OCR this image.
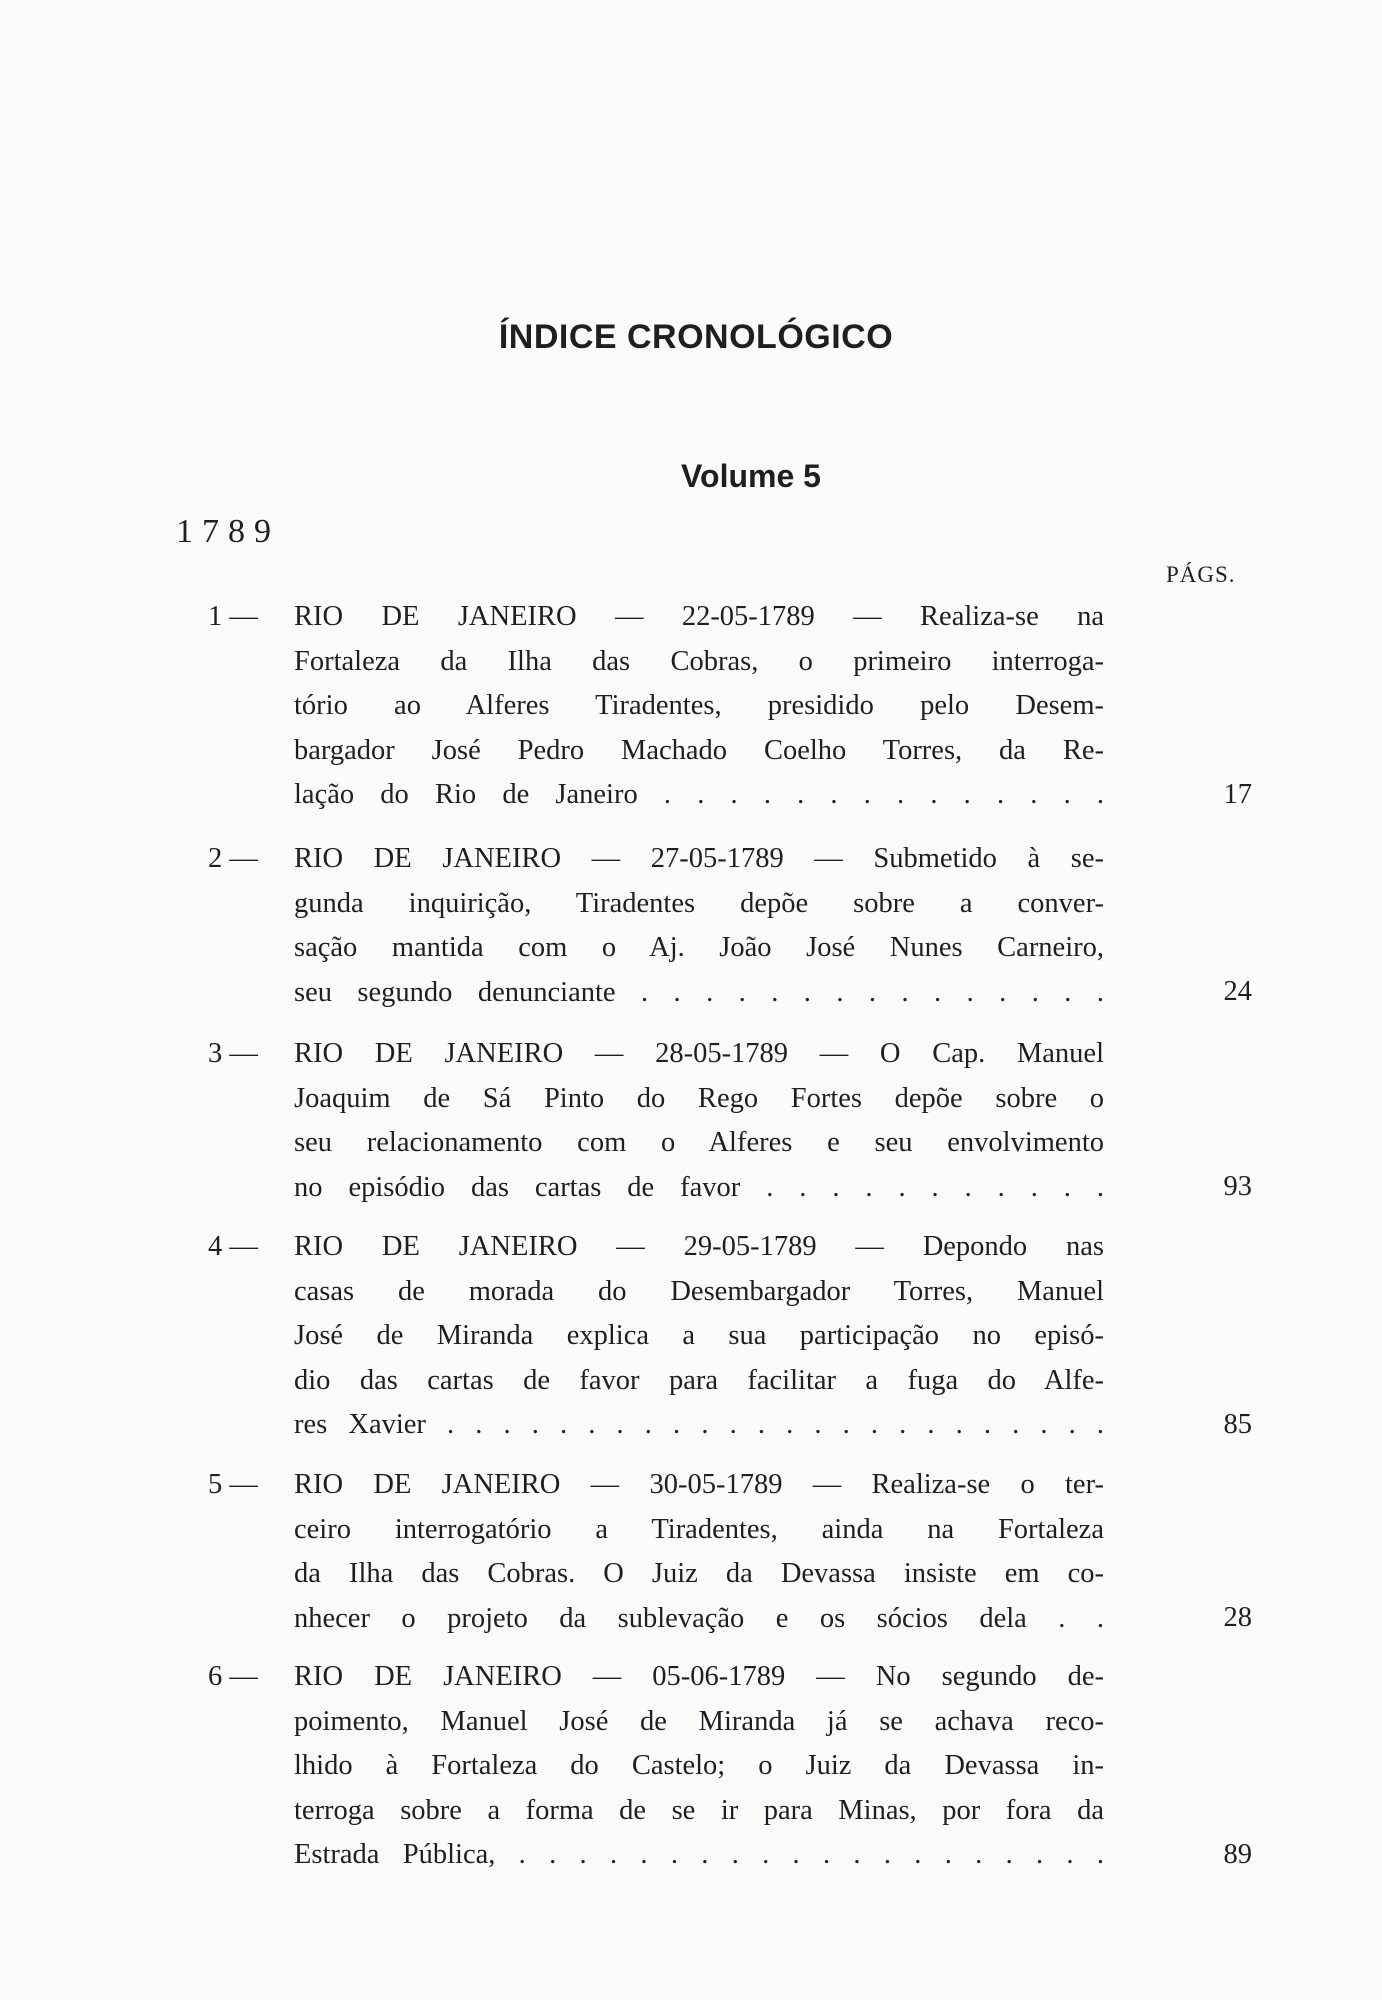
ÍNDICE CRONOLÓGICO
Volume 5
1789
PÁGS.
1 —	RIO DE JANEIRO — 22-05-1789 — Realiza-se na
Fortaleza da Ilha das Cobras, o primeiro interroga-
tório ao Alferes Tiradentes, presidido pelo Desem-
bargador José Pedro Machado Coelho Torres, da Re-
lação do Rio de Janeiro . . . . . . . . . . . . . .	17
2 —	RIO DE JANEIRO — 27-05-1789 — Submetido à se-
gunda inquirição, Tiradentes depõe sobre a conver-
sação mantida com o Aj. João José Nunes Carneiro,
seu segundo denunciante . . . . . . . . . . . . . . .	24
3 —	RIO DE JANEIRO — 28-05-1789 — O Cap. Manuel
Joaquim de Sá Pinto do Rego Fortes depõe sobre o
seu relacionamento com o Alferes e seu envolvimento
no episódio das cartas de favor . . . . . . . . . . .	93
4 —	RIO DE JANEIRO — 29-05-1789 — Depondo nas
casas de morada do Desembargador Torres, Manuel
José de Miranda explica a sua participação no episó-
dio das cartas de favor para facilitar a fuga do Alfe-
res Xavier . . . . . . . . . . . . . . . . . . . . . . . .	85
5 —	RIO DE JANEIRO — 30-05-1789 — Realiza-se o ter-
ceiro interrogatório a Tiradentes, ainda na Fortaleza
da Ilha das Cobras. O Juiz da Devassa insiste em co-
nhecer o projeto da sublevação e os sócios dela . .	28
6 —	RIO DE JANEIRO — 05-06-1789 — No segundo de-
poimento, Manuel José de Miranda já se achava reco-
lhido à Fortaleza do Castelo; o Juiz da Devassa in-
terroga sobre a forma de se ir para Minas, por fora da
Estrada Pública, . . . . . . . . . . . . . . . . . . . .	89
